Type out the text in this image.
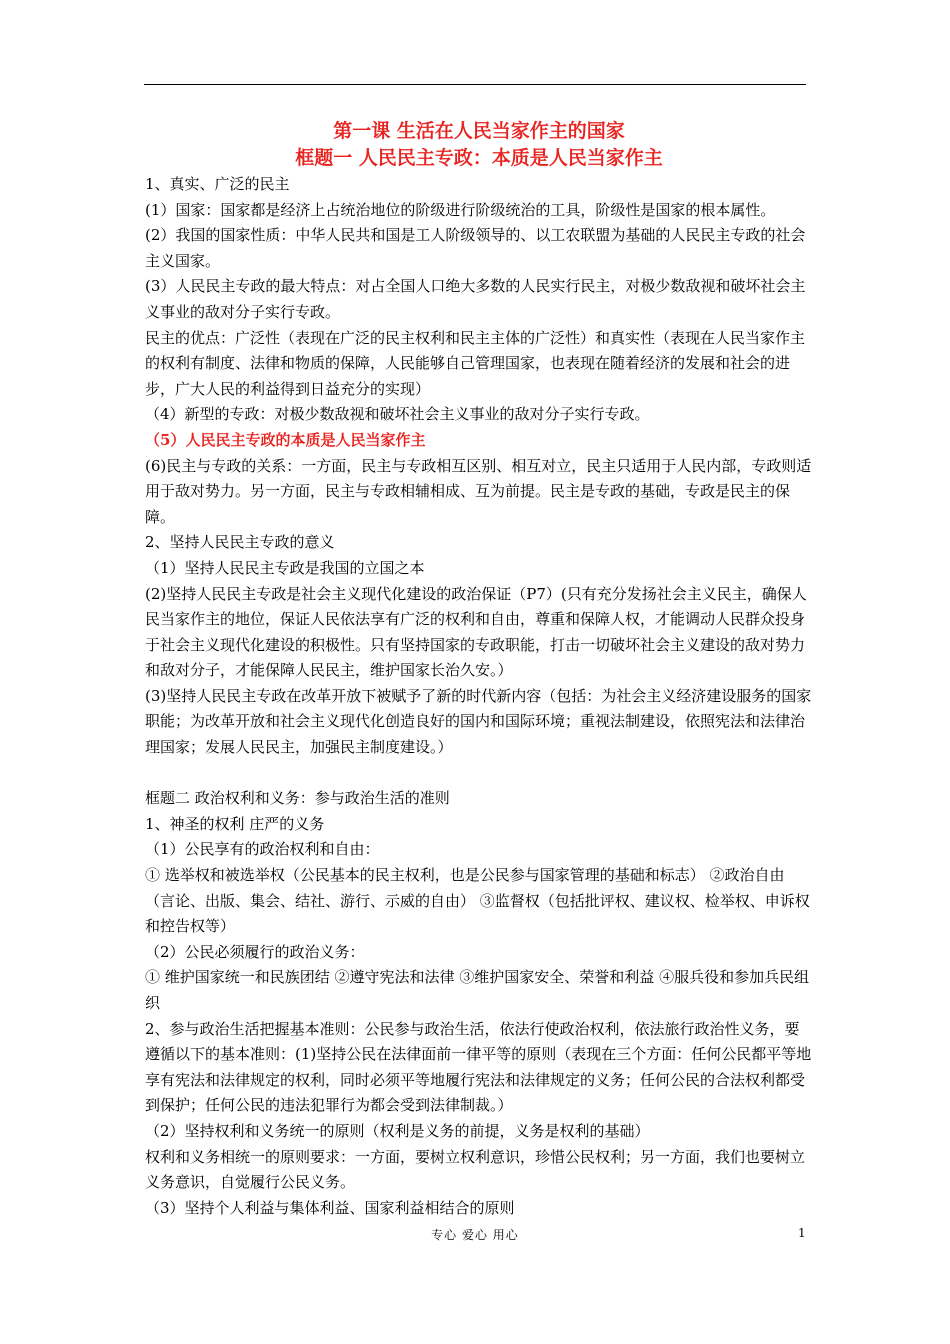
第一课 生活在人民当家作主的国家
框题一 人民民主专政：本质是人民当家作主

1、真实、广泛的民主

(1）国家：国家都是经济上占统治地位的阶级进行阶级统治的工具，阶级性是国家的根本属性。

(2）我国的国家性质：中华人民共和国是工人阶级领导的、以工农联盟为基础的人民民主专政的社会主义国家。

(3）人民民主专政的最大特点：对占全国人口绝大多数的人民实行民主，对极少数敌视和破坏社会主义事业的敌对分子实行专政。

民主的优点：广泛性（表现在广泛的民主权利和民主主体的广泛性）和真实性（表现在人民当家作主的权利有制度、法律和物质的保障，人民能够自己管理国家，也表现在随着经济的发展和社会的进步，广大人民的利益得到日益充分的实现）

（4）新型的专政：对极少数敌视和破坏社会主义事业的敌对分子实行专政。

（5）人民民主专政的本质是人民当家作主

(6)民主与专政的关系：一方面，民主与专政相互区别、相互对立，民主只适用于人民内部，专政则适用于敌对势力。另一方面，民主与专政相辅相成、互为前提。民主是专政的基础，专政是民主的保障。

2、坚持人民民主专政的意义

（1）坚持人民民主专政是我国的立国之本

(2)坚持人民民主专政是社会主义现代化建设的政治保证（P7）(只有充分发扬社会主义民主，确保人民当家作主的地位，保证人民依法享有广泛的权利和自由，尊重和保障人权，才能调动人民群众投身于社会主义现代化建设的积极性。只有坚持国家的专政职能，打击一切破坏社会主义建设的敌对势力和敌对分子，才能保障人民民主，维护国家长治久安。）

(3)坚持人民民主专政在改革开放下被赋予了新的时代新内容（包括：为社会主义经济建设服务的国家职能；为改革开放和社会主义现代化创造良好的国内和国际环境；重视法制建设，依照宪法和法律治理国家；发展人民民主，加强民主制度建设。）

框题二 政治权利和义务：参与政治生活的准则

1、神圣的权利 庄严的义务

（1）公民享有的政治权利和自由：

① 选举权和被选举权（公民基本的民主权利，也是公民参与国家管理的基础和标志） ②政治自由（言论、出版、集会、结社、游行、示威的自由） ③监督权（包括批评权、建议权、检举权、申诉权和控告权等）

（2）公民必须履行的政治义务：

① 维护国家统一和民族团结 ②遵守宪法和法律 ③维护国家安全、荣誉和利益 ④服兵役和参加兵民组织

2、参与政治生活把握基本准则：公民参与政治生活，依法行使政治权利，依法旅行政治性义务，要遵循以下的基本准则：(1)坚持公民在法律面前一律平等的原则（表现在三个方面：任何公民都平等地享有宪法和法律规定的权利，同时必须平等地履行宪法和法律规定的义务；任何公民的合法权利都受到保护；任何公民的违法犯罪行为都会受到法律制裁。）

（2）坚持权利和义务统一的原则（权利是义务的前提，义务是权利的基础）

权利和义务相统一的原则要求：一方面，要树立权利意识，珍惜公民权利；另一方面，我们也要树立义务意识，自觉履行公民义务。

（3）坚持个人利益与集体利益、国家利益相结合的原则

专心 爱心 用心	1
